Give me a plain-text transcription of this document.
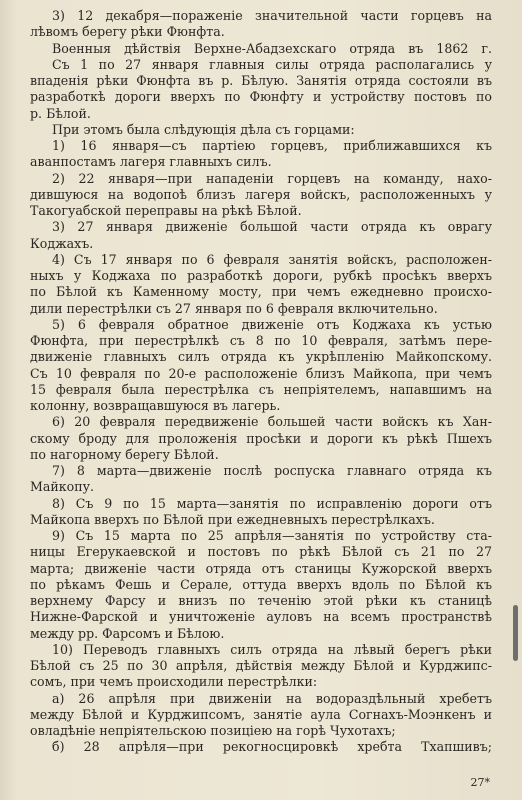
3) 12 декабря—пораженіе значительной части горцевъ на
лѣвомъ берегу рѣки Фюнфта.
Военныя дѣйствія Верхне-Абадзехскаго отряда въ 1862 г.
Съ 1 по 27 января главныя силы отряда располагались у
впаденія рѣки Фюнфта въ р. Бѣлую. Занятія отряда состояли въ
разработкѣ дороги вверхъ по Фюнфту и устройству постовъ по
р. Бѣлой.
При этомъ была слѣдующія дѣла съ горцами:
1) 16 января—съ партіею горцевъ, приближавшихся къ
аванпостамъ лагеря главныхъ силъ.
2) 22 января—при нападеніи горцевъ на команду, нахо-
дившуюся на водопоѣ близъ лагеря войскъ, расположенныхъ у
Такогуабской переправы на рѣкѣ Бѣлой.
3) 27 января движеніе большой части отряда къ оврагу
Коджахъ.
4) Съ 17 января по 6 февраля занятія войскъ, расположен-
ныхъ у Коджаха по разработкѣ дороги, рубкѣ просѣкъ вверхъ
по Бѣлой къ Каменному мосту, при чемъ ежедневно происхо-
дили перестрѣлки съ 27 января по 6 февраля включительно.
5) 6 февраля обратное движеніе отъ Коджаха къ устью
Фюнфта, при перестрѣлкѣ съ 8 по 10 февраля, затѣмъ пере-
движеніе главныхъ силъ отряда къ укрѣпленію Майкопскому.
Съ 10 февраля по 20-е расположеніе близъ Майкопа, при чемъ
15 февраля была перестрѣлка съ непріятелемъ, напавшимъ на
колонну, возвращавшуюся въ лагерь.
6) 20 февраля передвиженіе большей части войскъ къ Хан-
скому броду для проложенія просѣки и дороги къ рѣкѣ Пшехъ
по нагорному берегу Бѣлой.
7) 8 марта—движеніе послѣ роспуска главнаго отряда къ
Майкопу.
8) Съ 9 по 15 марта—занятія по исправленію дороги отъ
Майкопа вверхъ по Бѣлой при ежедневныхъ перестрѣлкахъ.
9) Съ 15 марта по 25 апрѣля—занятія по устройству ста-
ницы Егерукаевской и постовъ по рѣкѣ Бѣлой съ 21 по 27
марта; движеніе части отряда отъ станицы Кужорской вверхъ
по рѣкамъ Фешь и Серале, оттуда вверхъ вдоль по Бѣлой къ
верхнему Фарсу и внизъ по теченію этой рѣки къ станицѣ
Нижне-Фарской и уничтоженіе ауловъ на всемъ пространствѣ
между рр. Фарсомъ и Бѣлою.
10) Переводъ главныхъ силъ отряда на лѣвый берегъ рѣки
Бѣлой съ 25 по 30 апрѣля, дѣйствія между Бѣлой и Курджипс-
сомъ, при чемъ происходили перестрѣлки:
а) 26 апрѣля при движеніи на водораздѣльный хребетъ
между Бѣлой и Курджипсомъ, занятіе аула Согнахъ-Моэнкенъ и
овладѣніе непріятельскою позиціею на горѣ Чухотахъ;
б) 28 апрѣля—при рекогносцировкѣ хребта Тхапшивъ;
27*
